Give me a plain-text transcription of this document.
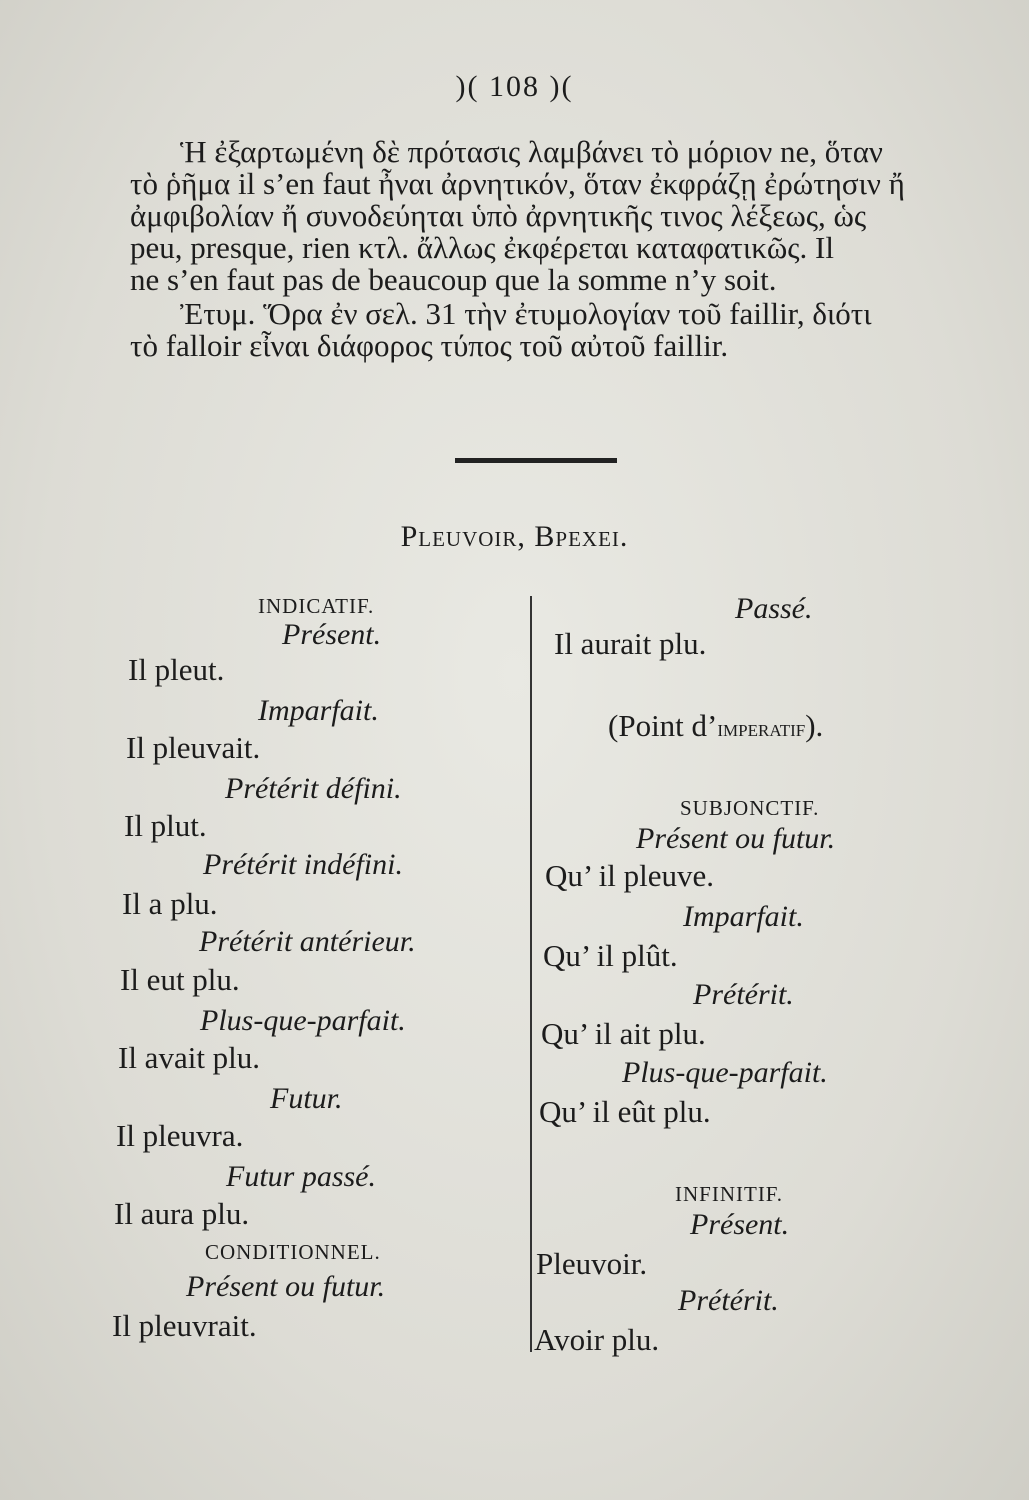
)( 108 )(

Ἡ ἐξαρτωμένη δὲ πρότασις λαμβάνει τὸ μόριον ne, ὅταν

τὸ ῥῆμα il s’en faut ἦναι ἀρνητικόν, ὅταν ἐκφράζῃ ἐρώτησιν ἤ

ἀμφιβολίαν ἤ συνοδεύηται ὑπὸ ἀρνητικῆς τινος λέξεως, ὡς

peu, presque, rien κτλ. ἄλλως ἐκφέρεται καταφατικῶς. Il

ne s’en faut pas de beaucoup que la somme n’y soit.

Ἐτυμ. Ὅρα ἐν σελ. 31 τὴν ἐτυμολογίαν τοῦ faillir, διότι

τὸ falloir εἶναι διάφορος τύπος τοῦ αὐτοῦ faillir.

Pleuvoir, Βρεχει.
INDICATIF.
Présent.
Il pleut.
Imparfait.
Il pleuvait.
Prétérit défini.
Il plut.
Prétérit indéfini.
Il a plu.
Prétérit antérieur.
Il eut plu.
Plus-que-parfait.
Il avait plu.
Futur.
Il pleuvra.
Futur passé.
Il aura plu.
CONDITIONNEL.
Présent ou futur.
Il pleuvrait.
Passé.
Il aurait plu.
(Point d’imperatif).
SUBJONCTIF.
Présent ou futur.
Qu’ il pleuve.
Imparfait.
Qu’ il plût.
Prétérit.
Qu’ il ait plu.
Plus-que-parfait.
Qu’ il eût plu.
INFINITIF.
Présent.
Pleuvoir.
Prétérit.
Avoir plu.
